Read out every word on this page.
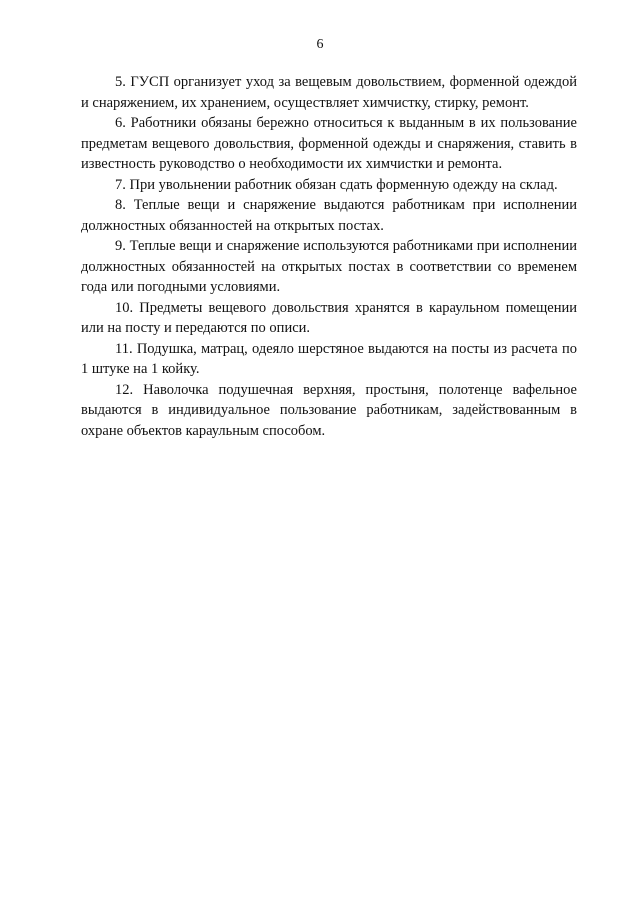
6

5. ГУСП организует уход за вещевым довольствием, форменной одеждой и снаряжением, их хранением, осуществляет химчистку, стирку, ремонт.

6. Работники обязаны бережно относиться к выданным в их пользование предметам вещевого довольствия, форменной одежды и снаряжения, ставить в известность руководство о необходимости их химчистки и ремонта.

7. При увольнении работник обязан сдать форменную одежду на склад.

8. Теплые вещи и снаряжение выдаются работникам при исполнении должностных обязанностей на открытых постах.

9. Теплые вещи и снаряжение используются работниками при исполнении должностных обязанностей на открытых постах в соответствии со временем года или погодными условиями.

10. Предметы вещевого довольствия хранятся в караульном помещении или на посту и передаются по описи.

11. Подушка, матрац, одеяло шерстяное выдаются на посты из расчета по 1 штуке на 1 койку.

12. Наволочка подушечная верхняя, простыня, полотенце вафельное выдаются в индивидуальное пользование работникам, задействованным в охране объектов караульным способом.
